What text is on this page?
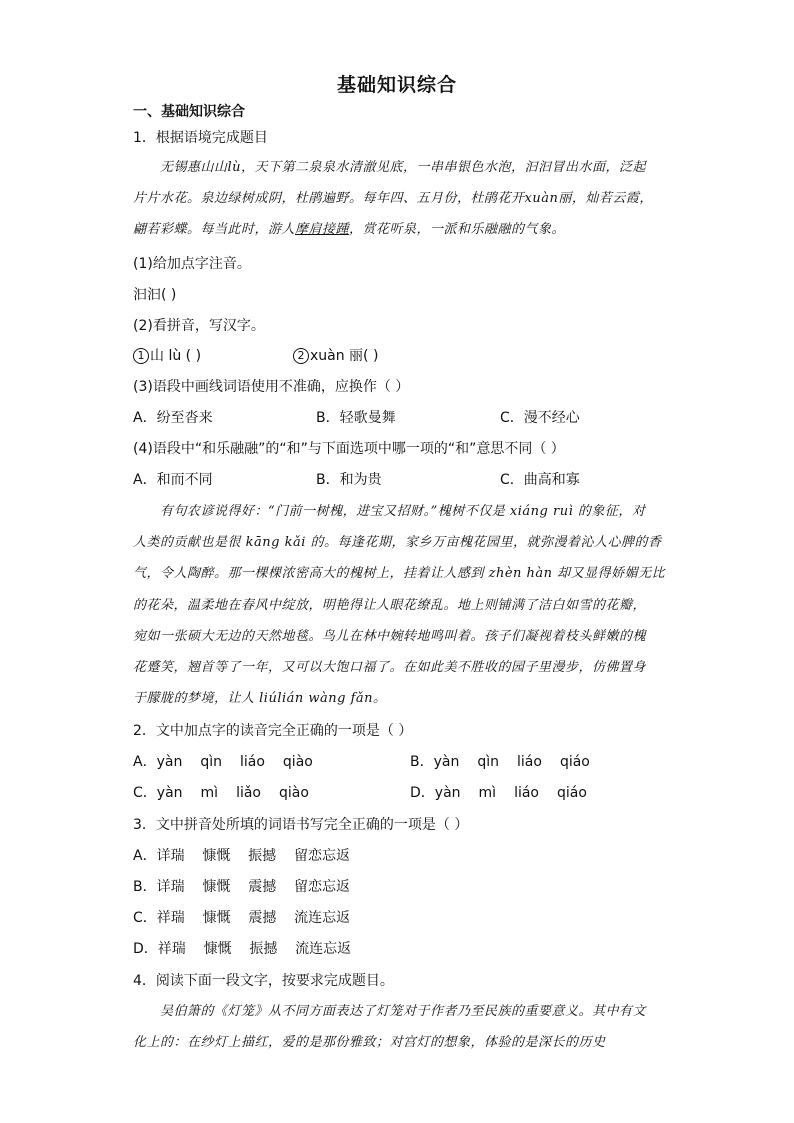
基础知识综合
一、基础知识综合
1．根据语境完成题目
无锡惠山山lù，天下第二泉泉水清澈见底，一串串银色水泡，汩汩冒出水面，泛起
片片水花。泉边绿树成阴，杜鹃遍野。每年四、五月份，杜鹃花开xuàn丽，灿若云霞，
翩若彩蝶。每当此时，游人摩肩接踵，赏花听泉，一派和乐融融的气象。
(1)给加点字注音。
汩汩( )
(2)看拼音，写汉字。
1 山 lù ( )	2 xuàn 丽( )
(3)语段中画线词语使用不准确，应换作（ ）
A．纷至沓来	B．轻歌曼舞	C．漫不经心
(4)语段中“和乐融融”的“和”与下面选项中哪一项的“和”意思不同（ ）
A．和而不同	B．和为贵	C．曲高和寡
有句农谚说得好：“门前一树槐，进宝又招财。”槐树不仅是 xiáng ruì 的象征，对
人类的贡献也是很 kāng kǎi 的。每逢花期，家乡万亩槐花园里，就弥漫着沁人心脾的香
气，令人陶醉。那一棵棵浓密高大的槐树上，挂着让人感到 zhèn hàn 却又显得娇媚无比
的花朵，温柔地在春风中绽放，明艳得让人眼花缭乱。地上则铺满了洁白如雪的花瓣，
宛如一张硕大无边的天然地毯。鸟儿在林中婉转地鸣叫着。孩子们凝视着枝头鲜嫩的槐
花蹙笑，翘首等了一年，又可以大饱口福了。在如此美不胜收的园子里漫步，仿佛置身
于朦胧的梦境，让人 liúlián wàng fǎn。
2．文中加点字的读音完全正确的一项是（ ）
A．yàn qìn liáo qiào	B．yàn qìn liáo qiáo
C．yàn mì liǎo qiào	D．yàn mì liáo qiáo
3．文中拼音处所填的词语书写完全正确的一项是（ ）
A．详瑞    慷慨    振撼    留恋忘返
B．详瑞    慷慨    震撼    留恋忘返
C．祥瑞    慷慨    震撼    流连忘返
D．祥瑞    慷慨    振撼    流连忘返
4．阅读下面一段文字，按要求完成题目。
吴伯箫的《灯笼》从不同方面表达了灯笼对于作者乃至民族的重要意义。其中有文
化上的：在纱灯上描红，爱的是那份雅致；对宫灯的想象，体验的是深长的历史
